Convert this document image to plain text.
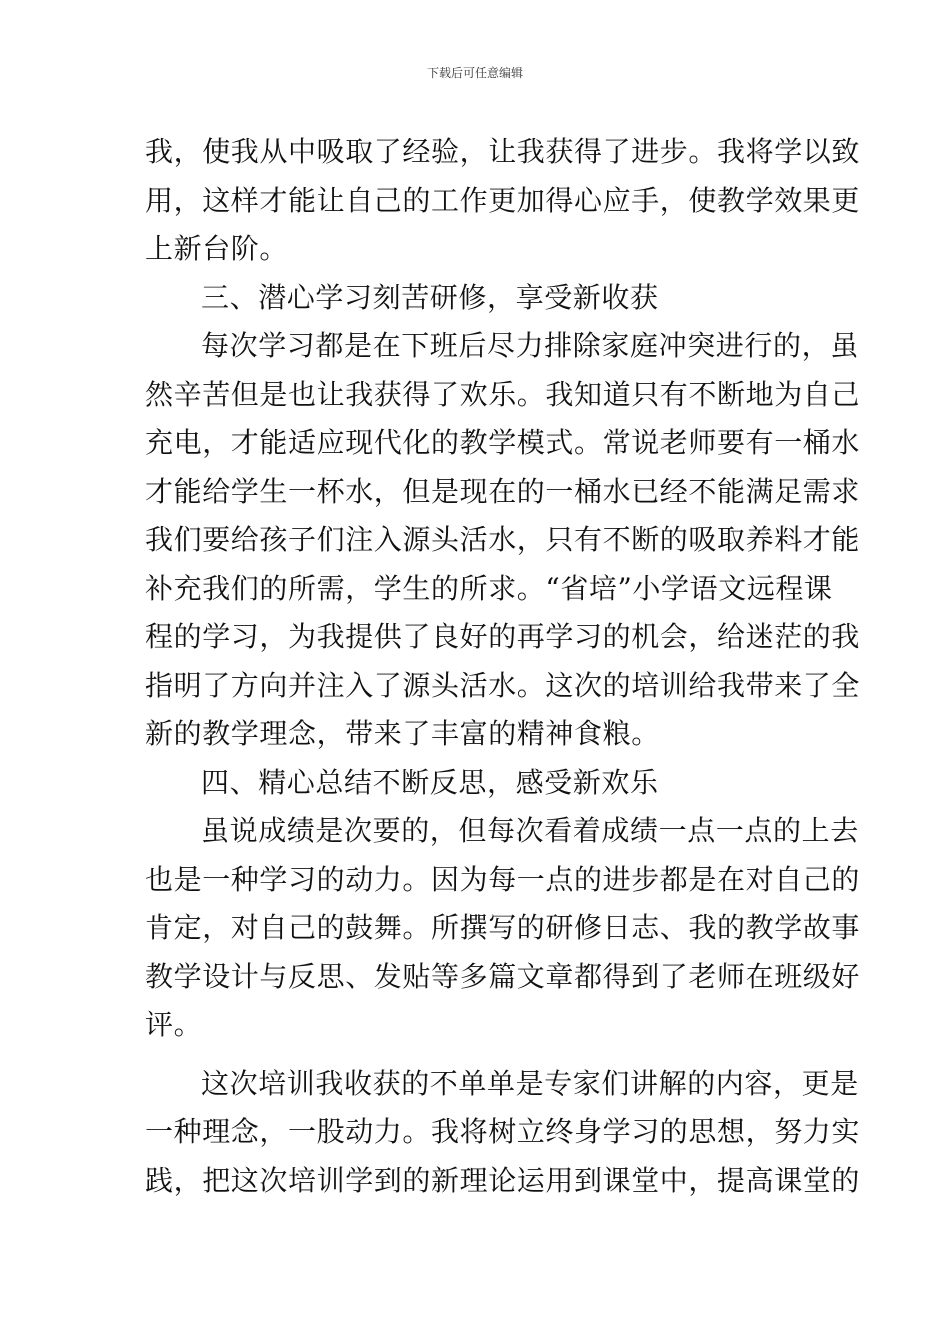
下载后可任意编辑
我，使我从中吸取了经验，让我获得了进步。我将学以致
用，这样才能让自己的工作更加得心应手，使教学效果更
上新台阶。
三、潜心学习刻苦研修，享受新收获
每次学习都是在下班后尽力排除家庭冲突进行的，虽
然辛苦但是也让我获得了欢乐。我知道只有不断地为自己
充电，才能适应现代化的教学模式。常说老师要有一桶水
才能给学生一杯水，但是现在的一桶水已经不能满足需求
我们要给孩子们注入源头活水，只有不断的吸取养料才能
补充我们的所需，学生的所求。“省培”小学语文远程课
程的学习，为我提供了良好的再学习的机会，给迷茫的我
指明了方向并注入了源头活水。这次的培训给我带来了全
新的教学理念，带来了丰富的精神食粮。
四、精心总结不断反思，感受新欢乐
虽说成绩是次要的，但每次看着成绩一点一点的上去
也是一种学习的动力。因为每一点的进步都是在对自己的
肯定，对自己的鼓舞。所撰写的研修日志、我的教学故事
教学设计与反思、发贴等多篇文章都得到了老师在班级好
评。
这次培训我收获的不单单是专家们讲解的内容，更是
一种理念，一股动力。我将树立终身学习的思想，努力实
践，把这次培训学到的新理论运用到课堂中，提高课堂的
